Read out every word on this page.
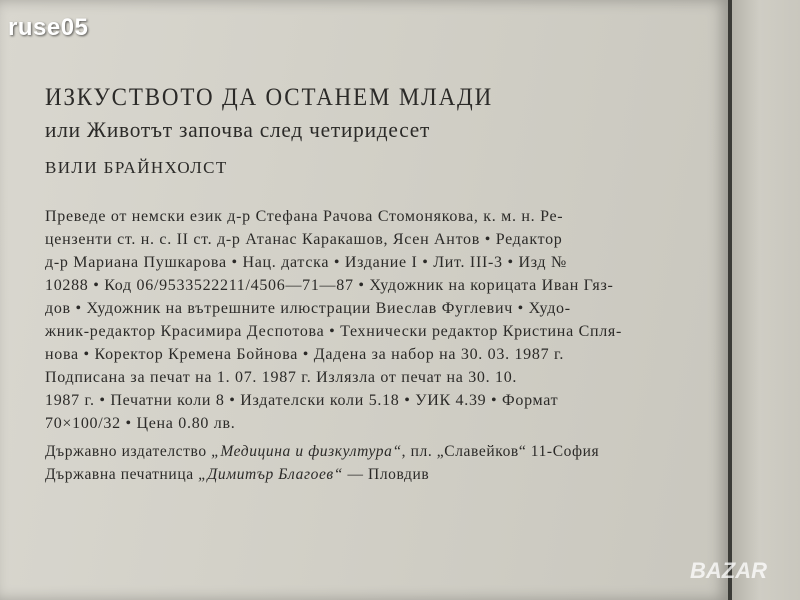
ruse05
ИЗКУСТВОТО ДА ОСТАНЕМ МЛАДИ
или Животът започва след четиридесет
ВИЛИ БРАЙНХОЛСТ
Преведе от немски език д-р Стефана Рачова Стомонякова, к. м. н. Ре-
цензенти ст. н. с. II ст. д-р Атанас Каракашов, Ясен Антов • Редактор
д-р Мариана Пушкарова • Нац. датска • Издание I • Лит. III-3 • Изд №
10288 • Код 06/9533522211/4506—71—87 • Художник на корицата Иван Гяз-
дов • Художник на вътрешните илюстрации Виеслав Фуглевич • Худо-
жник-редактор Красимира Деспотова • Технически редактор Кристина Спля-
нова • Коректор Кремена Бойнова • Дадена за набор на 30. 03. 1987 г.
Подписана за печат на 1. 07. 1987 г. Излязла от печат на 30. 10.
1987 г. • Печатни коли 8 • Издателски коли 5.18 • УИК 4.39 • Формат
70×100/32 • Цена 0.80 лв.
Държавно издателство „Медицина и физкултура“, пл. „Славейков“ 11-София
Държавна печатница „Димитър Благоев“ — Пловдив
BAZAR
